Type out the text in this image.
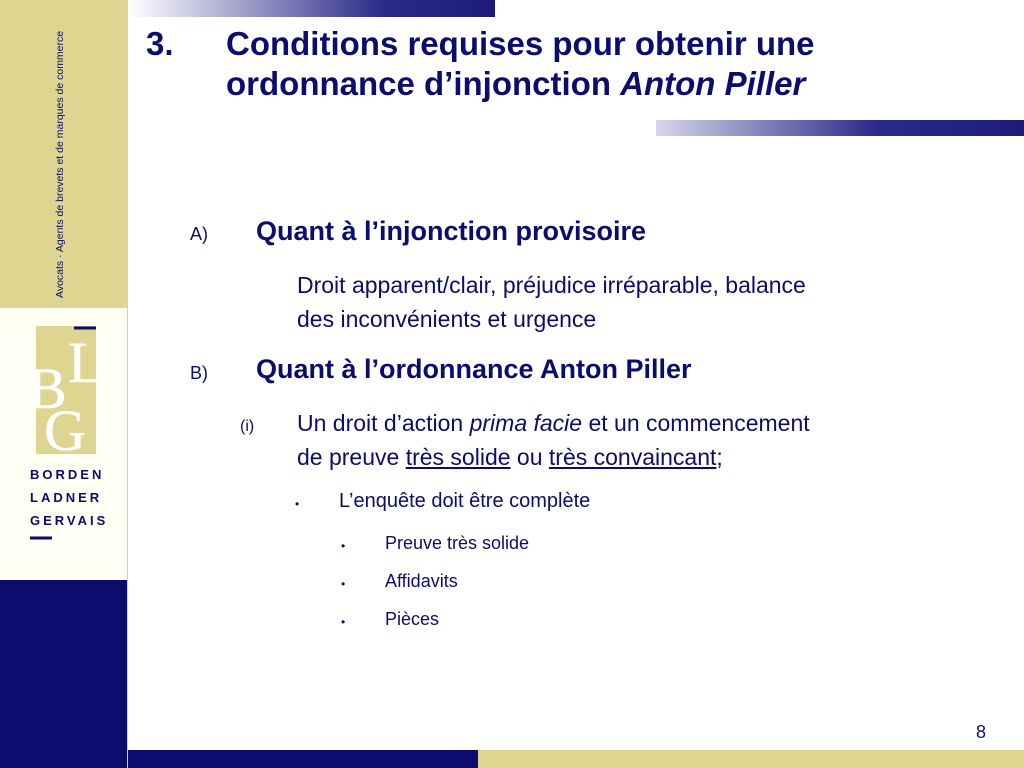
Avocats · Agents de brevets et de marques de commerce
B L
G
BORDEN
LADNER
GERVAIS
3. Conditions requises pour obtenir une
ordonnance d’injonction Anton Piller
A) Quant à l’injonction provisoire
Droit apparent/clair, préjudice irréparable, balance
des inconvénients et urgence
B) Quant à l’ordonnance Anton Piller
(i) Un droit d’action prima facie et un commencement
de preuve très solide ou très convaincant;
• L’enquête doit être complète
• Preuve très solide
• Affidavits
• Pièces
8
